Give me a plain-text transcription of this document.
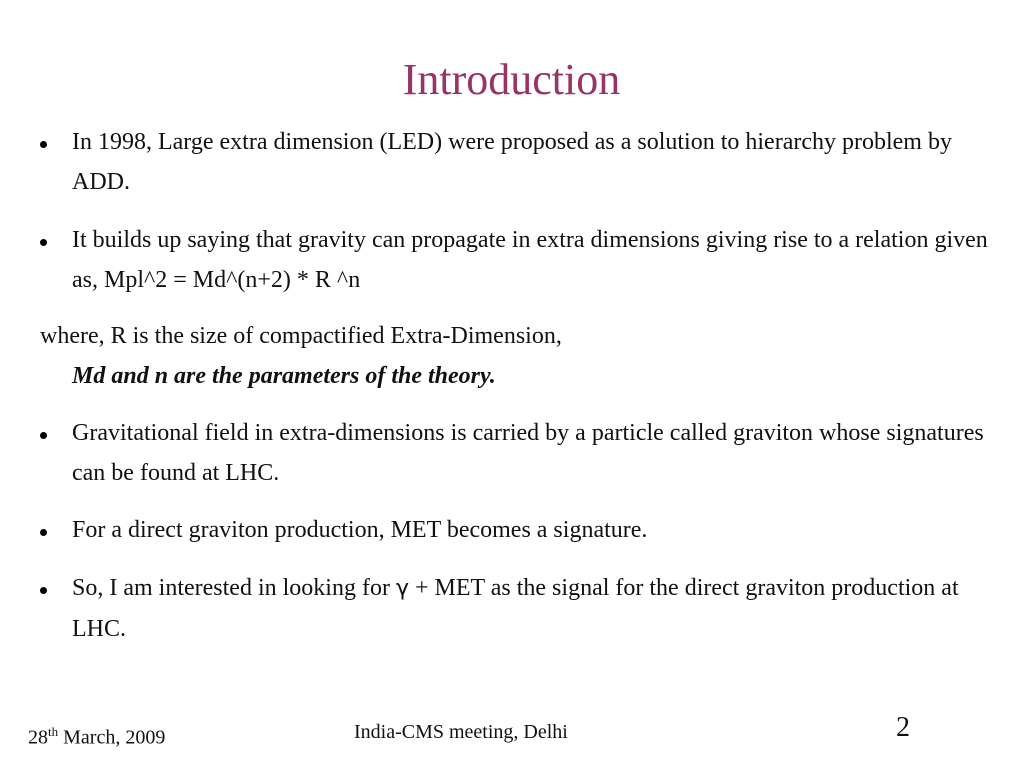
Introduction
In 1998, Large extra dimension (LED) were proposed as a solution to hierarchy problem by ADD.
It builds up saying that gravity can propagate in extra dimensions giving rise to a relation given as, Mpl^2 = Md^(n+2) * R ^n
where, R is the size of compactified Extra-Dimension,
Md and n are the parameters of the theory.
Gravitational field in extra-dimensions is carried by a particle called graviton whose signatures can be found at LHC.
For a direct graviton production, MET becomes a signature.
So, I am interested in looking for γ + MET as the signal for the direct graviton production at LHC.
28th March, 2009	India-CMS meeting, Delhi	2
